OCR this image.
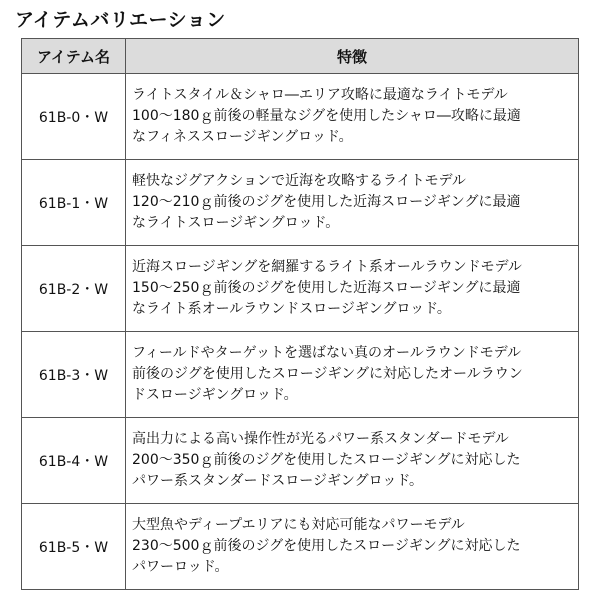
アイテムバリエーション
アイテム名	特徴
61B-0・W	ライトスタイル＆シャロ―エリア攻略に最適なライトモデル
100〜180ｇ前後の軽量なジグを使用したシャロ―攻略に最適
なフィネススロージギングロッド。

61B-1・W	軽快なジグアクションで近海を攻略するライトモデル
120〜210ｇ前後のジグを使用した近海スロージギングに最適
なライトスロージギングロッド。

61B-2・W	近海スロージギングを網羅するライト系オールラウンドモデル
150〜250ｇ前後のジグを使用した近海スロージギングに最適
なライト系オールラウンドスロージギングロッド。

61B-3・W	フィールドやターゲットを選ばない真のオールラウンドモデル
前後のジグを使用したスロージギングに対応したオールラウン
ドスロージギングロッド。

61B-4・W	高出力による高い操作性が光るパワー系スタンダードモデル
200〜350ｇ前後のジグを使用したスロージギングに対応した
パワー系スタンダードスロージギングロッド。

61B-5・W	大型魚やディープエリアにも対応可能なパワーモデル
230〜500ｇ前後のジグを使用したスロージギングに対応した
パワーロッド。
